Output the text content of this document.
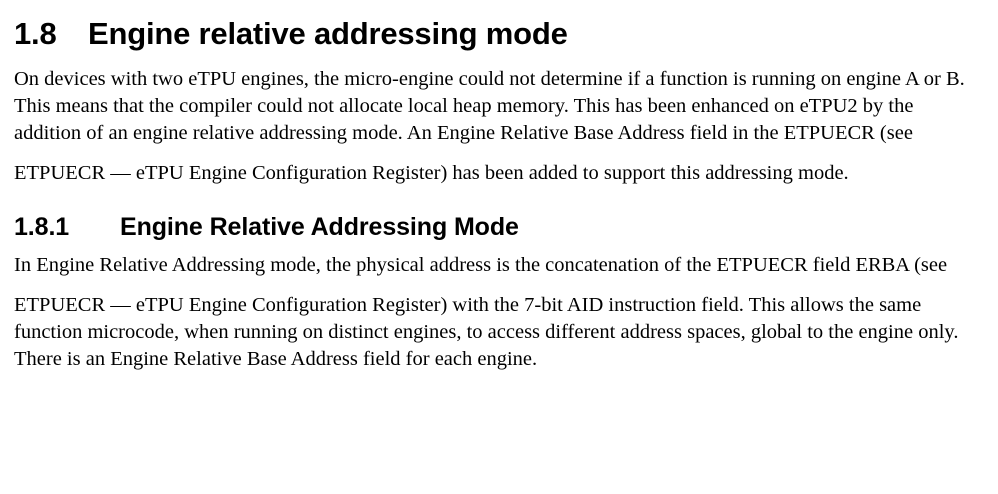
1.8 Engine relative addressing mode

On devices with two eTPU engines, the micro-engine could not determine if a function is running on engine A or B. This means that the compiler could not allocate local heap memory. This has been enhanced on eTPU2 by the addition of an engine relative addressing mode. An Engine Relative Base Address field in the ETPUECR (see

ETPUECR — eTPU Engine Configuration Register) has been added to support this addressing mode.

1.8.1 Engine Relative Addressing Mode

In Engine Relative Addressing mode, the physical address is the concatenation of the ETPUECR field ERBA (see

ETPUECR — eTPU Engine Configuration Register) with the 7-bit AID instruction field. This allows the same function microcode, when running on distinct engines, to access different address spaces, global to the engine only. There is an Engine Relative Base Address field for each engine.
